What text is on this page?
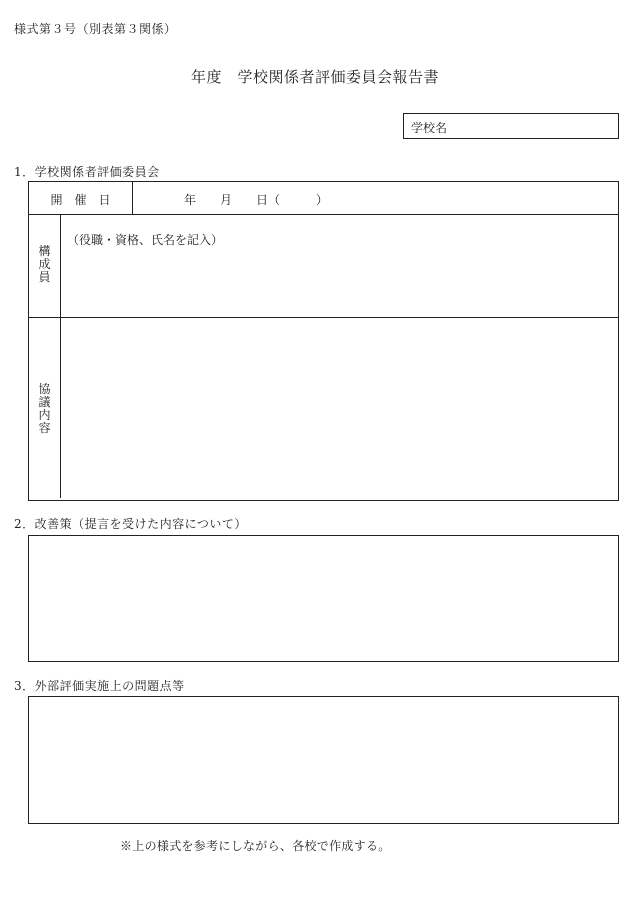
様式第３号（別表第３関係）
年度　学校関係者評価委員会報告書
学校名
1．学校関係者評価委員会
開　催　日	年　　月　　日（　　　）
構
成
員
（役職・資格、氏名を記入）
協
議
内
容
2．改善策（提言を受けた内容について）
3．外部評価実施上の問題点等
※上の様式を参考にしながら、各校で作成する。
